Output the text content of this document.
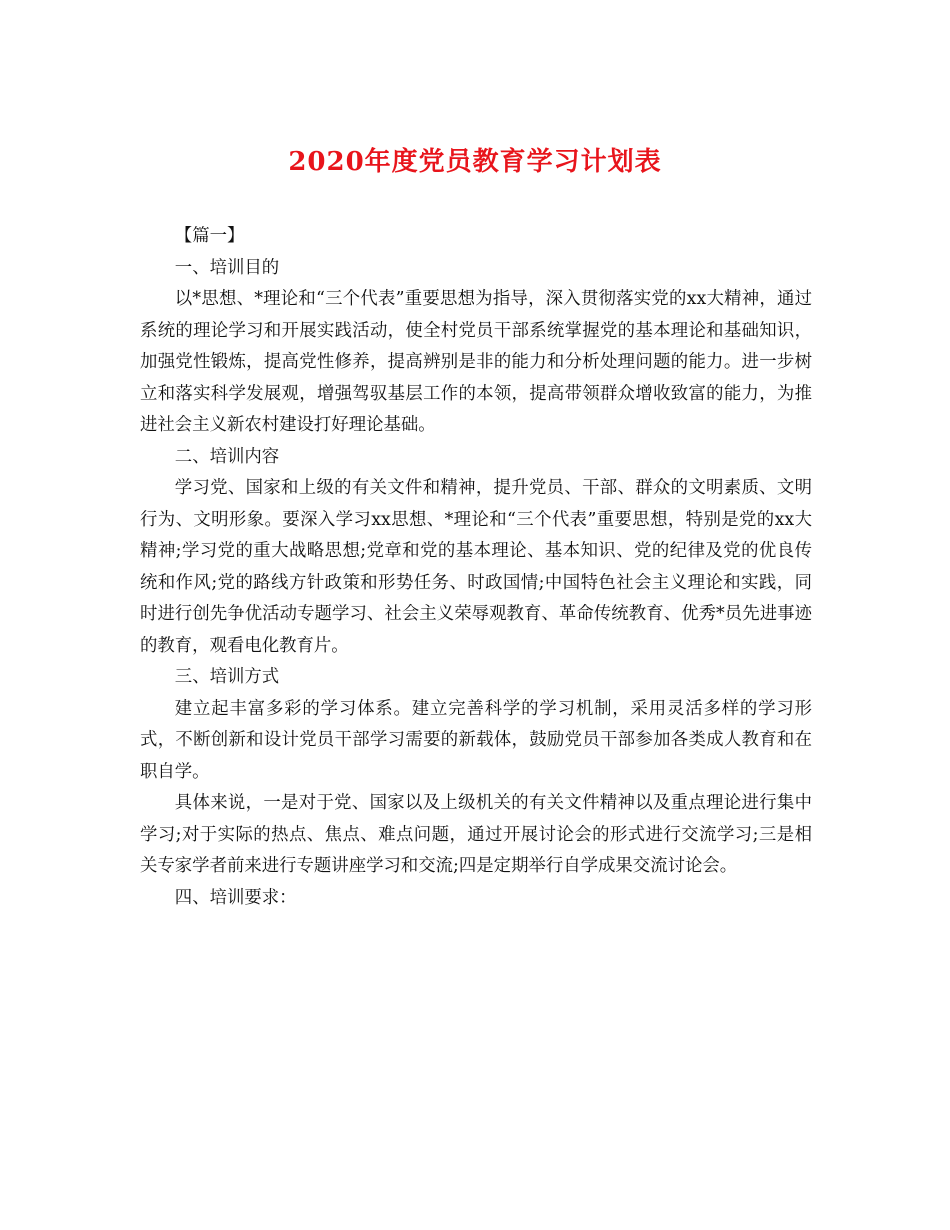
2020年度党员教育学习计划表

【篇一】

一、培训目的

以*思想、*理论和“三个代表”重要思想为指导，深入贯彻落实党的xx大精神，通过系统的理论学习和开展实践活动，使全村党员干部系统掌握党的基本理论和基础知识，加强党性锻炼，提高党性修养，提高辨别是非的能力和分析处理问题的能力。进一步树立和落实科学发展观，增强驾驭基层工作的本领，提高带领群众增收致富的能力，为推进社会主义新农村建设打好理论基础。

二、培训内容

学习党、国家和上级的有关文件和精神，提升党员、干部、群众的文明素质、文明行为、文明形象。要深入学习xx思想、*理论和“三个代表”重要思想，特别是党的xx大精神;学习党的重大战略思想;党章和党的基本理论、基本知识、党的纪律及党的优良传统和作风;党的路线方针政策和形势任务、时政国情;中国特色社会主义理论和实践，同时进行创先争优活动专题学习、社会主义荣辱观教育、革命传统教育、优秀*员先进事迹的教育，观看电化教育片。

三、培训方式

建立起丰富多彩的学习体系。建立完善科学的学习机制，采用灵活多样的学习形式，不断创新和设计党员干部学习需要的新载体，鼓励党员干部参加各类成人教育和在职自学。

具体来说，一是对于党、国家以及上级机关的有关文件精神以及重点理论进行集中学习;对于实际的热点、焦点、难点问题，通过开展讨论会的形式进行交流学习;三是相关专家学者前来进行专题讲座学习和交流;四是定期举行自学成果交流讨论会。

四、培训要求：
